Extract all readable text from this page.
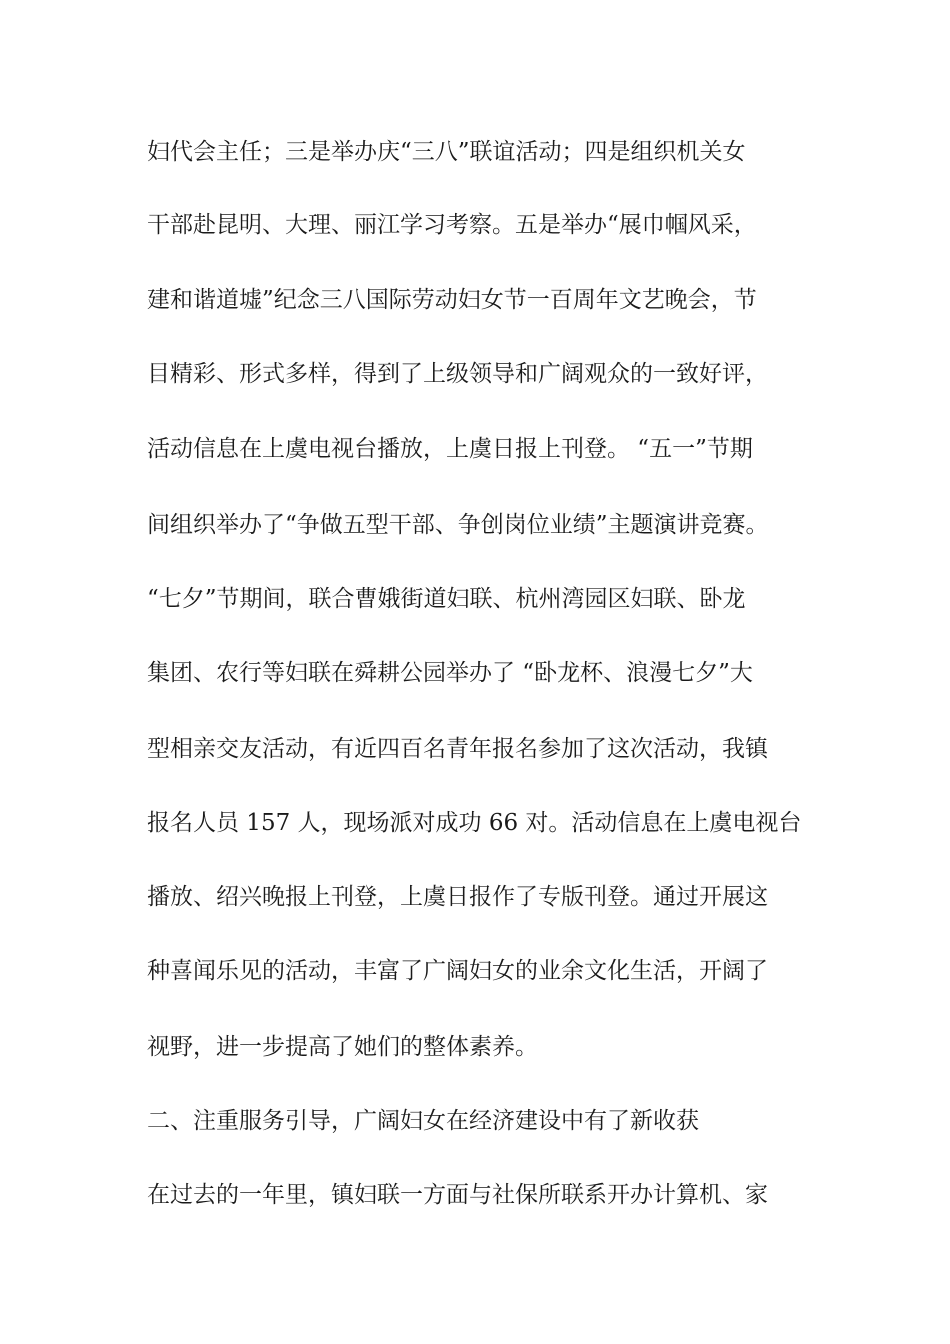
妇代会主任；三是举办庆“三八”联谊活动；四是组织机关女
干部赴昆明、大理、丽江学习考察。五是举办“展巾帼风采，
建和谐道墟”纪念三八国际劳动妇女节一百周年文艺晚会，节
目精彩、形式多样，得到了上级领导和广阔观众的一致好评，
活动信息在上虞电视台播放，上虞日报上刊登。 “五一”节期
间组织举办了“争做五型干部、争创岗位业绩”主题演讲竞赛。
“七夕”节期间，联合曹娥街道妇联、杭州湾园区妇联、卧龙
集团、农行等妇联在舜耕公园举办了 “卧龙杯、浪漫七夕”大
型相亲交友活动，有近四百名青年报名参加了这次活动，我镇
报名人员 157 人，现场派对成功 66 对。活动信息在上虞电视台
播放、绍兴晚报上刊登，上虞日报作了专版刊登。通过开展这
种喜闻乐见的活动，丰富了广阔妇女的业余文化生活，开阔了
视野，进一步提高了她们的整体素养。
二、注重服务引导，广阔妇女在经济建设中有了新收获
在过去的一年里，镇妇联一方面与社保所联系开办计算机、家
